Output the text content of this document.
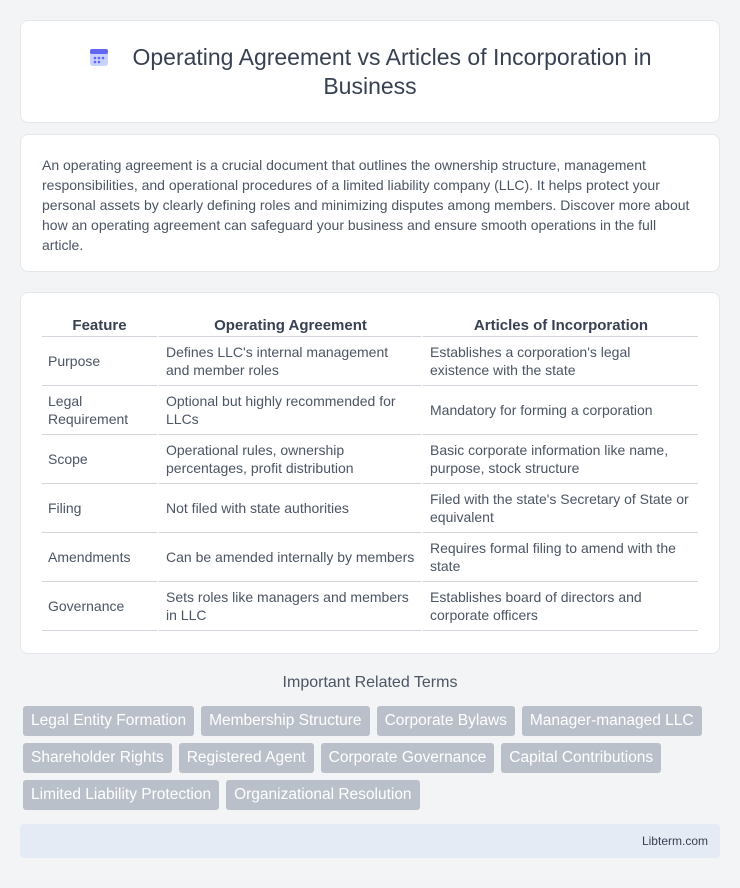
Operating Agreement vs Articles of Incorporation in Business

An operating agreement is a crucial document that outlines the ownership structure, management responsibilities, and operational procedures of a limited liability company (LLC). It helps protect your personal assets by clearly defining roles and minimizing disputes among members. Discover more about how an operating agreement can safeguard your business and ensure smooth operations in the full article.

Feature	Operating Agreement	Articles of Incorporation
Purpose	Defines LLC's internal management and member roles	Establishes a corporation's legal existence with the state
Legal Requirement	Optional but highly recommended for LLCs	Mandatory for forming a corporation
Scope	Operational rules, ownership percentages, profit distribution	Basic corporate information like name, purpose, stock structure
Filing	Not filed with state authorities	Filed with the state's Secretary of State or equivalent
Amendments	Can be amended internally by members	Requires formal filing to amend with the state
Governance	Sets roles like managers and members in LLC	Establishes board of directors and corporate officers
Important Related Terms
Legal Entity Formation	Membership Structure	Corporate Bylaws	Manager-managed LLC
Shareholder Rights	Registered Agent	Corporate Governance	Capital Contributions
Limited Liability Protection	Organizational Resolution
Libterm.com
